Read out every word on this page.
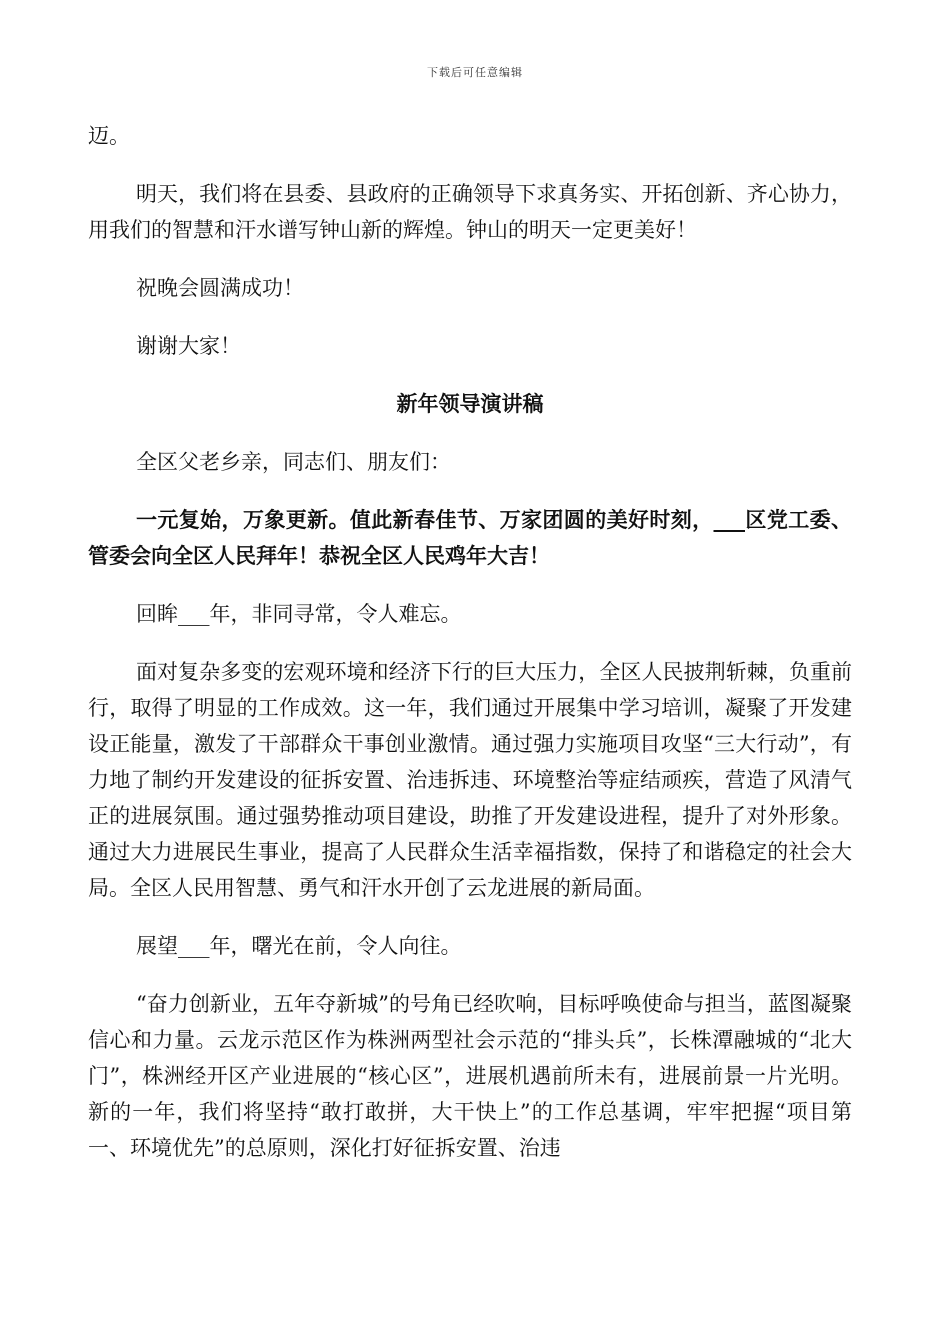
下载后可任意编辑

迈。

明天，我们将在县委、县政府的正确领导下求真务实、开拓创新、齐心协力，用我们的智慧和汗水谱写钟山新的辉煌。钟山的明天一定更美好！

祝晚会圆满成功！

谢谢大家！

新年领导演讲稿

全区父老乡亲，同志们、朋友们：

一元复始，万象更新。值此新春佳节、万家团圆的美好时刻，___区党工委、管委会向全区人民拜年！恭祝全区人民鸡年大吉！

回眸___年，非同寻常，令人难忘。

面对复杂多变的宏观环境和经济下行的巨大压力，全区人民披荆斩棘，负重前行，取得了明显的工作成效。这一年，我们通过开展集中学习培训，凝聚了开发建设正能量，激发了干部群众干事创业激情。通过强力实施项目攻坚“三大行动”，有力地了制约开发建设的征拆安置、治违拆违、环境整治等症结顽疾，营造了风清气正的进展氛围。通过强势推动项目建设，助推了开发建设进程，提升了对外形象。通过大力进展民生事业，提高了人民群众生活幸福指数，保持了和谐稳定的社会大局。全区人民用智慧、勇气和汗水开创了云龙进展的新局面。

展望___年，曙光在前，令人向往。

“奋力创新业，五年夺新城”的号角已经吹响，目标呼唤使命与担当，蓝图凝聚信心和力量。云龙示范区作为株洲两型社会示范的“排头兵”，长株潭融城的“北大门”，株洲经开区产业进展的“核心区”，进展机遇前所未有，进展前景一片光明。新的一年，我们将坚持“敢打敢拼，大干快上”的工作总基调，牢牢把握“项目第一、环境优先”的总原则，深化打好征拆安置、治违
